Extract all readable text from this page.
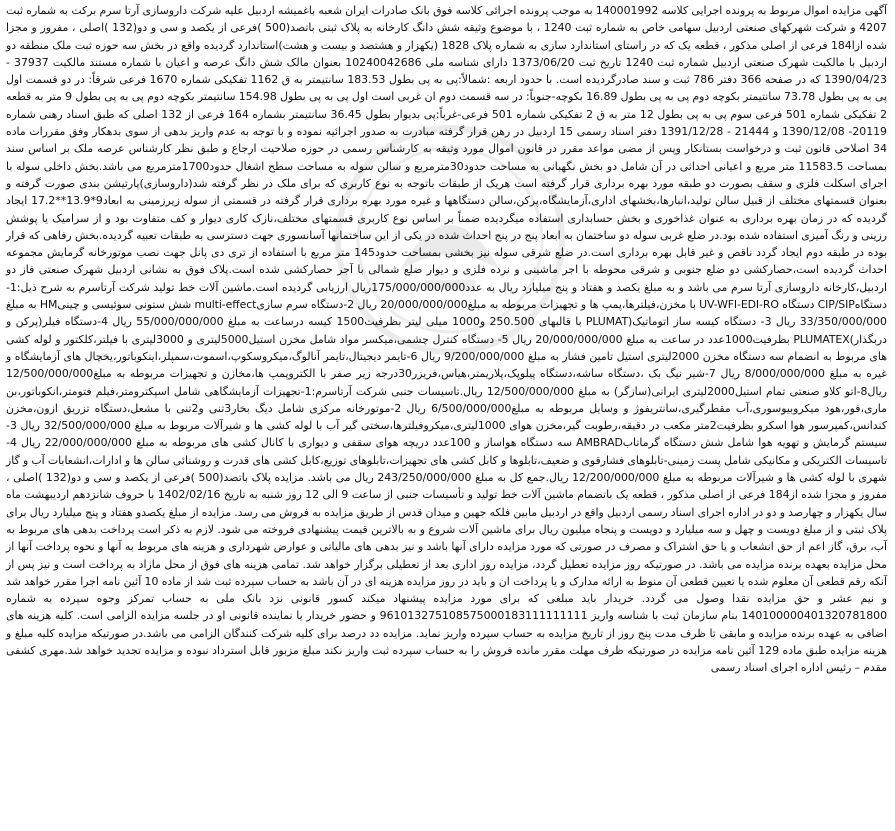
آگهی مزایده اموال مربوط به پرونده اجرایی کلاسه 140001992 به موجب پرونده اجرائی کلاسه فوق بانک صادرات ایران شعبه باغمیشه اردبیل علیه شرکت داروسازی آرتا سرم برکت به شماره ثبت 4207 و شرکت شهرکهای صنعتی اردبیل سهامی خاص به شماره ثبت 1240 ، با موضوع وثیقه شش دانگ کارخانه به پلاک ثبتی باتصد(500 )فرعی از یکصد و سی و دو(132 )اصلی ، مفروز و مجزا شده ازا184 فرعی از اصلی مذکور ، قطعه یک که در راستای استاندارد سازی به شماره پلاک 1828 (یکهزار و هشتصد و بیست و هشت)استاندارد گردیده واقع در بخش سه حوزه ثبت ملک منطقه دو اردبیل با مالکیت شهرک صنعتی اردبیل شماره ثبت 1240 تاریخ ثبت 1373/06/20 دارای شناسه ملی 10240042686 بعنوان مالک شش دانگ عرصه و اعیان با شماره مستند مالکیت 37937 - 1390/04/23 که در صفحه 366 دفتر 786 ثبت و سند صادرگردیده است. با حدود اربعه :شمالاً:پی به پی بطول 183.53 سانتیمتر به ق 1162 تفکیکی شماره 1670 فرعی شرقاً: در دو قسمت اول پی به پی بطول 73.78 سانتیمتر بکوچه دوم پی به پی بطول 16.89 بکوچه-جنوباً: در سه قسمت دوم ان غربی است اول پی به پی بطول 154.98 سانتیمتر بکوچه دوم پی به پی بطول 9 متر به قطعه 2 تفکیکی شماره 501 فرعی سوم پی به پی بطول 12 متر به ق 2 تفکیکی شماره 501 فرعی-غرباً:پی بدیوار بطول 36.45 سانتیمتر بشماره 164 فرعی از 132 اصلی که طبق اسناد رهنی شماره 20119- 1390/12/08 و 21444 - 1391/12/28 دفتر اسناد رسمی 15 اردبیل در رهن قرار گرفته مبادرت به صدور اجرائیه نموده و با توجه به عدم واریز بدهی از سوی بدهکار وفق مقررات ماده 34 اصلاحی قانون ثبت و درخواست بستانکار وپس از مضی مواعد مقرر در قانون اموال مورد وثیقه به کارشناس رسمی در حوزه صلاحیت ارجاع و طبق نظر کارشناس عرصه ملک بر اساس سند بمساحت 11583.5 متر مربع و اعیانی احداثی در آن شامل دو بخش نگهبانی به مساحت حدود30مترمربع و سالن سوله به مساحت سطح اشغال حدود1700مترمربع می باشد.بخش داخلی سوله با اجرای اسکلت فلزی و سقف بصورت دو طبقه مورد بهره برداری قرار گرفته است هریک از طبقات باتوجه به نوع کاربری که برای ملک در نظر گرفته شد(داروسازی)پارتیشن بندی صورت گرفته و بعنوان قسمتهای مختلف از قبیل سالن تولید،انبارها،بخشهای اداری،آزمایشگاه،پرکن،سالن دستگاهها و غیره مورد بهره برداری قرار گرفته در قسمتی از سوله زیرزمینی به ابعاد9*13.9**17.2 ایجاد گردیده که در زمان بهره برداری به عنوان غذاخوری و بخش حسابداری استفاده میگردیده ضمناً بر اساس نوع کاربری قسمتهای مختلف،نازک کاری دیوار و کف متفاوت بود و از سرامیک یا پوشش رزینی و رنگ آمیزی استفاده شده بود.در ضلع غربی سوله دو ساختمان به ابعاد پنج در پنج احداث شده در یکی از این ساختمانها آسانسوری جهت دسترسی به طبقات تعبیه گردیده.بخش رفاهی که قرار بوده در طبقه دوم ایجاد گردد ناقص و غیر قابل بهره برداری است.در ضلع شرقی سوله نیز بخشی بمساحت حدود145 متر مربع با استفاده از تری دی پانل جهت نصب موتورخانه گرمایش مجموعه احداث گردیده است،حصارکشی دو ضلع جنوبی و شرقی محوطه با اجر ماشینی و نرده فلزی و دیوار ضلع شمالی با آجر حصارکشی شده است.پلاک فوق به نشانی اردبیل شهرک صنعتی فاز دو اردبیل،کارخانه داروسازی آرتا سرم می باشد و به مبلغ یکصد و هفتاد و پنج میلیارد ریال به عدد175/000/000/000ریال ارزیابی گردیده است.ماشین آلات خط تولید شرکت آرتاسرم به شرح ذیل:1-دستگاهCIP/SIP دستگاه UV-WFI-EDI-RO با مخزن،فیلترها،پمپ ها و تجهیزات مربوطه به مبلغ20/000/000/000 ریال 2-دستگاه سرم سازیmulti-effect شش ستونی سوئیسی و چینیHM به مبلغ 33/350/000/000 ریال 3- دستگاه کیسه ساز اتوماتیک(PLUMAT با قالبهای 250.500 و1000 میلی لیتر بظرفیت1500 کیسه درساعت به مبلغ 55/000/000/000 ریال 4-دستگاه فیلر(پرکن و دربگذار)PLUMATEX بظرفیت1000عدد در ساعت به مبلغ 20/000/000/000 ریال 5- دستگاه کنترل چشمی،میکسر مواد شامل مخزن استیل5000لیتری و 3000لیتری با فیلتر،کلکتور و لوله کشی های مربوط به انضمام سه دستگاه مخزن 2000لیتری استیل تامین فشار به مبلغ 9/200/000/000 ریال 6-تایمر دیجیتال،تایمر آنالوگ،میکروسکوپ،اسموت،سمپلر،اینکوباتور،یخچال های آزمایشگاه و غیره به مبلغ 8/000/000/000 ریال 7-شیر نیگ بک ،دستگاه ساشه،دستگاه پیلوپک،پلاریمتر،هیاس،فریزر30درجه زیر صفر با الکتروپمپ ها،مخازن و تجهیزات مربوطه به مبلغ12/500/000/000 ریال8-اتو کلاو صنعتی تمام استیل2000لیتری ایرانی(سازگر) به مبلغ 12/500/000/000 ریال.تاسیسات جنبی شرکت آرتاسرم:1-تجهیزات آزمایشگاهی شامل اسپکترومتر،فیلم فتومتر،انکوباتور،بن ماری،فور،هود میکروبیوسوری،آب مقطرگیری،سانتریفوژ و وسایل مربوطه به مبلغ6/500/000/000 ریال 2-موتورخانه مرکزی شامل دیگ بخار3تنی و2تنی با مشعل،دستگاه تزریق ازون،مخزن کندانس،کمپرسور هوا اسکرو بظرفیت2متر مکعب در دقیقه،رطوبت گیر،مخزن هوای 1000لیتری،میکروفیلترها،سختی گیر آب با لوله کشی ها و شیرآلات مربوط به مبلغ 32/500/000/000 ریال 3-سیستم گرمایش و تهویه هوا شامل شش دستگاه گرماتابAMBRAD سه دستگاه هواساز و 100عدد دریچه هوای سقفی و دیواری با کانال کشی های مربوطه به مبلغ 22/000/000/000 ریال 4-تاسیسات الکتریکی و مکانیکی شامل پست زمینی-تابلوهای فشارقوی و ضعیف،تابلوها و کابل کشی های تجهیزات،تابلوهای توزیع،کابل کشی های قدرت و روشنائی سالن ها و ادارات،انشعابات آب و گاز شهری با لوله کشی ها و شیرآلات مربوطه به مبلغ 12/200/000/000 ریال.جمع کل به مبلغ 243/250/000/000 ریال می باشد. مزایده پلاک باتصد(500 )فرعی از یکصد و سی و دو(132 )اصلی ، مفروز و مجزا شده از184 فرعی از اصلی مذکور ، قطعه یک باتضمام ماشین آلات خط تولید و تأسیسات جنبی از ساعت 9 الی 12 روز شنبه به تاریخ 1402/02/16 با حروف شانزدهم اردیبهشت ماه سال یکهزار و چهارصد و دو در اداره اجرای اسناد رسمی اردبیل واقع در اردبیل مابین فلکه جهین و میدان قدس از طریق مزایده به فروش می رسد. مزایده از مبلغ یکصدو هفتاد و پنج میلیارد ریال برای پلاک ثبتی و از مبلغ دویست و چهل و سه میلیارد و دویست و پنجاه میلیون ریال برای ماشین آلات شروع و به بالاترین قیمت پیشنهادی فروخته می شود. لازم به ذکر است پرداخت بدهی های مربوط به آب، برق، گاز اعم از حق انشعاب و یا حق اشتراک و مصرف در صورتی که مورد مزایده دارای آنها باشد و نیز بدهی های مالیاتی و عوارض شهرداری و هزینه های مربوط به آنها و نحوه پرداخت آنها از محل مزایده بعهده برنده مزایده می باشد. در صورتیکه روز مزایده تعطیل گردد، مزایده روز اداری بعد از تعطیلی برگزار خواهد شد. تمامی هزینه های فوق از محل مازاد به پرداخت است و نیز پس از آنکه رقم قطعی آن معلوم شده یا تعیین قطعی آن منوط به ارائه مدارک و یا پرداخت ان و باید در روز مزایده هزینه ای در آن باشد به حساب سپرده ثبت شد از ماده 10 آئین نامه اجرا مقرر خواهد شد و نیم عشر و حق مزایده نقدا وصول می گردد. خریدار باید مبلغی که برای مورد مزایده پیشنهاد میکند کسور قانونی نزد بانک ملی به حساب تمرکز وجوه سپرده به شماره 140100000401320781800 بنام سازمان ثبت با شناسه واریز 961013275108575000183111111111 و حضور خریدار یا نماینده قانونی او در جلسه مزایده الزامی است. کلیه هزینه های اضافی به عهده برنده مزایده و مابقی تا ظرف مدت پنج روز از تاریخ مزایده به حساب سپرده واریز نماید. مزایده دد درصد برای کلیه شرکت کنندگان الزامی می باشد.در صورتیکه مزایده کلیه مبلغ و هزینه مزایده طبق ماده 129 آئین نامه مزایده در صورتیکه ظرف مهلت مقرر مانده فروش را به حساب سپرده ثبت واریز نکند مبلغ مزبور قابل استرداد نبوده و مزایده تجدید خواهد شد.مهری کشفی مقدم – رئیس اداره اجرای اسناد رسمی
